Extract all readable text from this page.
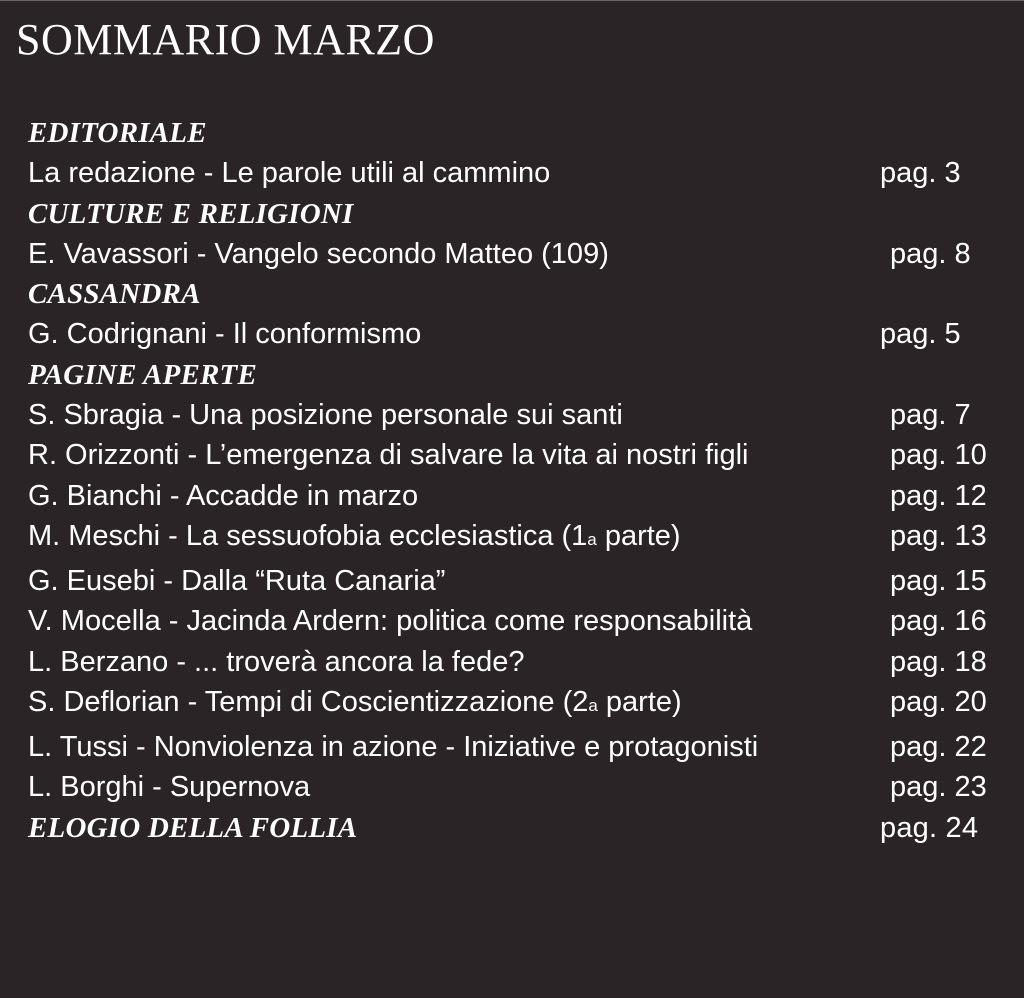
SOMMARIO MARZO
EDITORIALE
La redazione - Le parole utili al cammino	pag. 3
CULTURE E RELIGIONI
E. Vavassori - Vangelo secondo Matteo (109)	pag. 8
CASSANDRA
G. Codrignani - Il conformismo	pag. 5
PAGINE APERTE
S. Sbragia - Una posizione personale sui santi	pag. 7
R. Orizzonti - L’emergenza di salvare la vita ai nostri figli	pag. 10
G. Bianchi - Accadde in marzo	pag. 12
M. Meschi - La sessuofobia ecclesiastica (1a parte)	pag. 13
G. Eusebi - Dalla “Ruta Canaria”	pag. 15
V. Mocella - Jacinda Ardern: politica come responsabilità	pag. 16
L. Berzano - ... troverà ancora la fede?	pag. 18
S. Deflorian - Tempi di Coscientizzazione (2a parte)	pag. 20
L. Tussi - Nonviolenza in azione - Iniziative e protagonisti	pag. 22
L. Borghi - Supernova	pag. 23
ELOGIO DELLA FOLLIA	pag. 24
